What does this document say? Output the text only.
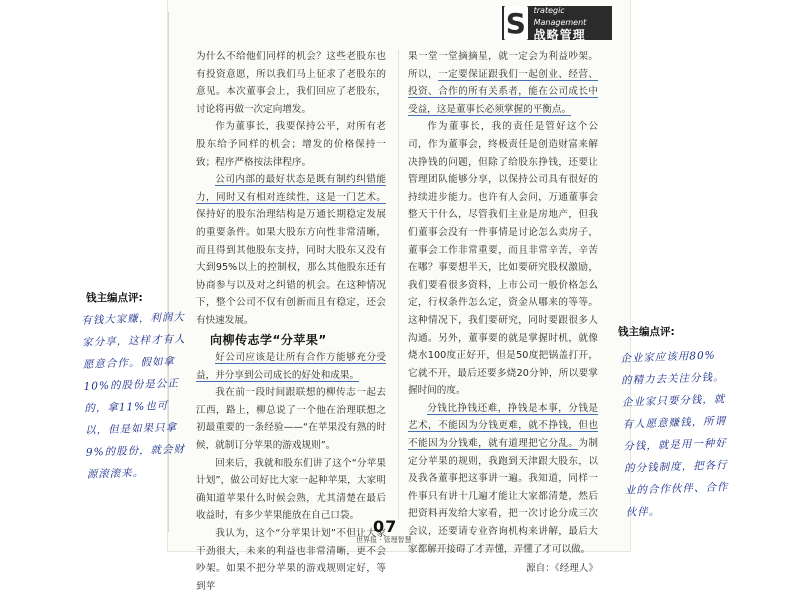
S trategic Management
战略管理

为什么不给他们同样的机会？这些老股东也有投资意愿，所以我们马上征求了老股东的意见。本次董事会上，我们回应了老股东，讨论将再做一次定向增发。

作为董事长，我要保持公平，对所有老股东给予同样的机会；增发的价格保持一致；程序严格按法律程序。

公司内部的最好状态是既有制约纠错能力，同时又有相对连续性，这是一门艺术。保持好的股东治理结构是万通长期稳定发展的重要条件。如果大股东方向性非常清晰，而且得到其他股东支持，同时大股东又没有大到95%以上的控制权，那么其他股东还有协商参与以及对之纠错的机会。在这种情况下，整个公司不仅有创新而且有稳定，还会有快速发展。

向柳传志学“分苹果”

好公司应该是让所有合作方能够充分受益，并分享到公司成长的好处和成果。

我在前一段时间跟联想的柳传志一起去江西，路上，柳总说了一个他在治理联想之初最重要的一条经验——“在苹果没有熟的时候，就制订分苹果的游戏规则”。

回来后，我就和股东们讲了这个“分苹果计划”，做公司好比大家一起种苹果，大家明确知道苹果什么时候会熟，尤其清楚在最后收益时，有多少苹果能放在自己口袋。

我认为，这个“分苹果计划”不但让大家干劲很大，未来的利益也非常清晰，更不会吵架。如果不把分苹果的游戏规则定好，等到苹

果一堂一堂摘摘星，就一定会为利益吵架。所以，一定要保证跟我们一起创业、经营、投资、合作的所有关系者，能在公司成长中受益，这是董事长必须掌握的平衡点。

作为董事长，我的责任是管好这个公司，作为董事会，终极责任是创造财富来解决挣钱的问题，但除了给股东挣钱，还要让管理团队能够分享，以保持公司具有很好的持续进步能力。也许有人会问，万通董事会整天干什么，尽管我们主业是房地产，但我们董事会没有一件事情是讨论怎么卖房子，董事会工作非常重要，而且非常辛苦，辛苦在哪？事要想半天，比如要研究股权激励，我们要看很多资料，上市公司一般价格怎么定，行权条件怎么定，资金从哪来的等等。这种情况下，我们要研究，同时要跟很多人沟通。另外，董事要的就是掌握时机，就像烧水100度正好开，但是50度把锅盖打开，它就不开，最后还要多烧20分钟，所以要掌握时间的度。

分钱比挣钱还难，挣钱是本事，分钱是艺术，不能因为分钱更难，就不挣钱，但也不能因为分钱难，就有道理把它分乱。为制定分苹果的规则，我跑到天津跟大股东，以及我各董事把这事讲一遍。我知道，同样一件事只有讲十几遍才能让大家都清楚，然后把资料再发给大家看，把一次讨论分成三次会议，还要请专业咨询机构来讲解，最后大家都解开接碍了才弄懂，弄懂了才可以做。

源自：《经理人》
07
世界报 · 管理智慧
钱主编点评:
有钱大家赚，利润大家分享，这样才有人愿意合作。假如拿10%的股份是公正的，拿11%也可以，但是如果只拿9%的股份，就会财源滚滚来。
钱主编点评:
企业家应该用80%的精力去关注分钱。企业家只要分钱，就有人愿意赚钱，所谓分钱，就是用一种好的分钱制度，把各行业的合作伙伴、合作伙伴。
